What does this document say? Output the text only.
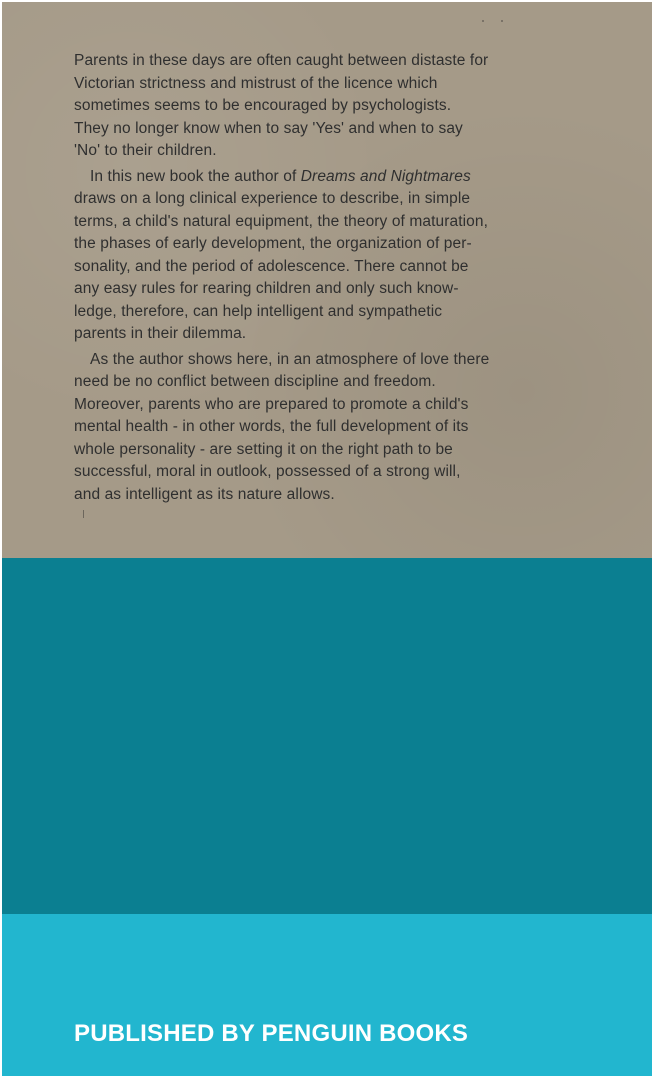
Parents in these days are often caught between distaste for
Victorian strictness and mistrust of the licence which
sometimes seems to be encouraged by psychologists.
They no longer know when to say 'Yes' and when to say
'No' to their children.

In this new book the author of Dreams and Nightmares
draws on a long clinical experience to describe, in simple
terms, a child's natural equipment, the theory of maturation,
the phases of early development, the organization of per-
sonality, and the period of adolescence. There cannot be
any easy rules for rearing children and only such know-
ledge, therefore, can help intelligent and sympathetic
parents in their dilemma.

As the author shows here, in an atmosphere of love there
need be no conflict between discipline and freedom.
Moreover, parents who are prepared to promote a child's
mental health - in other words, the full development of its
whole personality - are setting it on the right path to be
successful, moral in outlook, possessed of a strong will,
and as intelligent as its nature allows.

PUBLISHED BY PENGUIN BOOKS
